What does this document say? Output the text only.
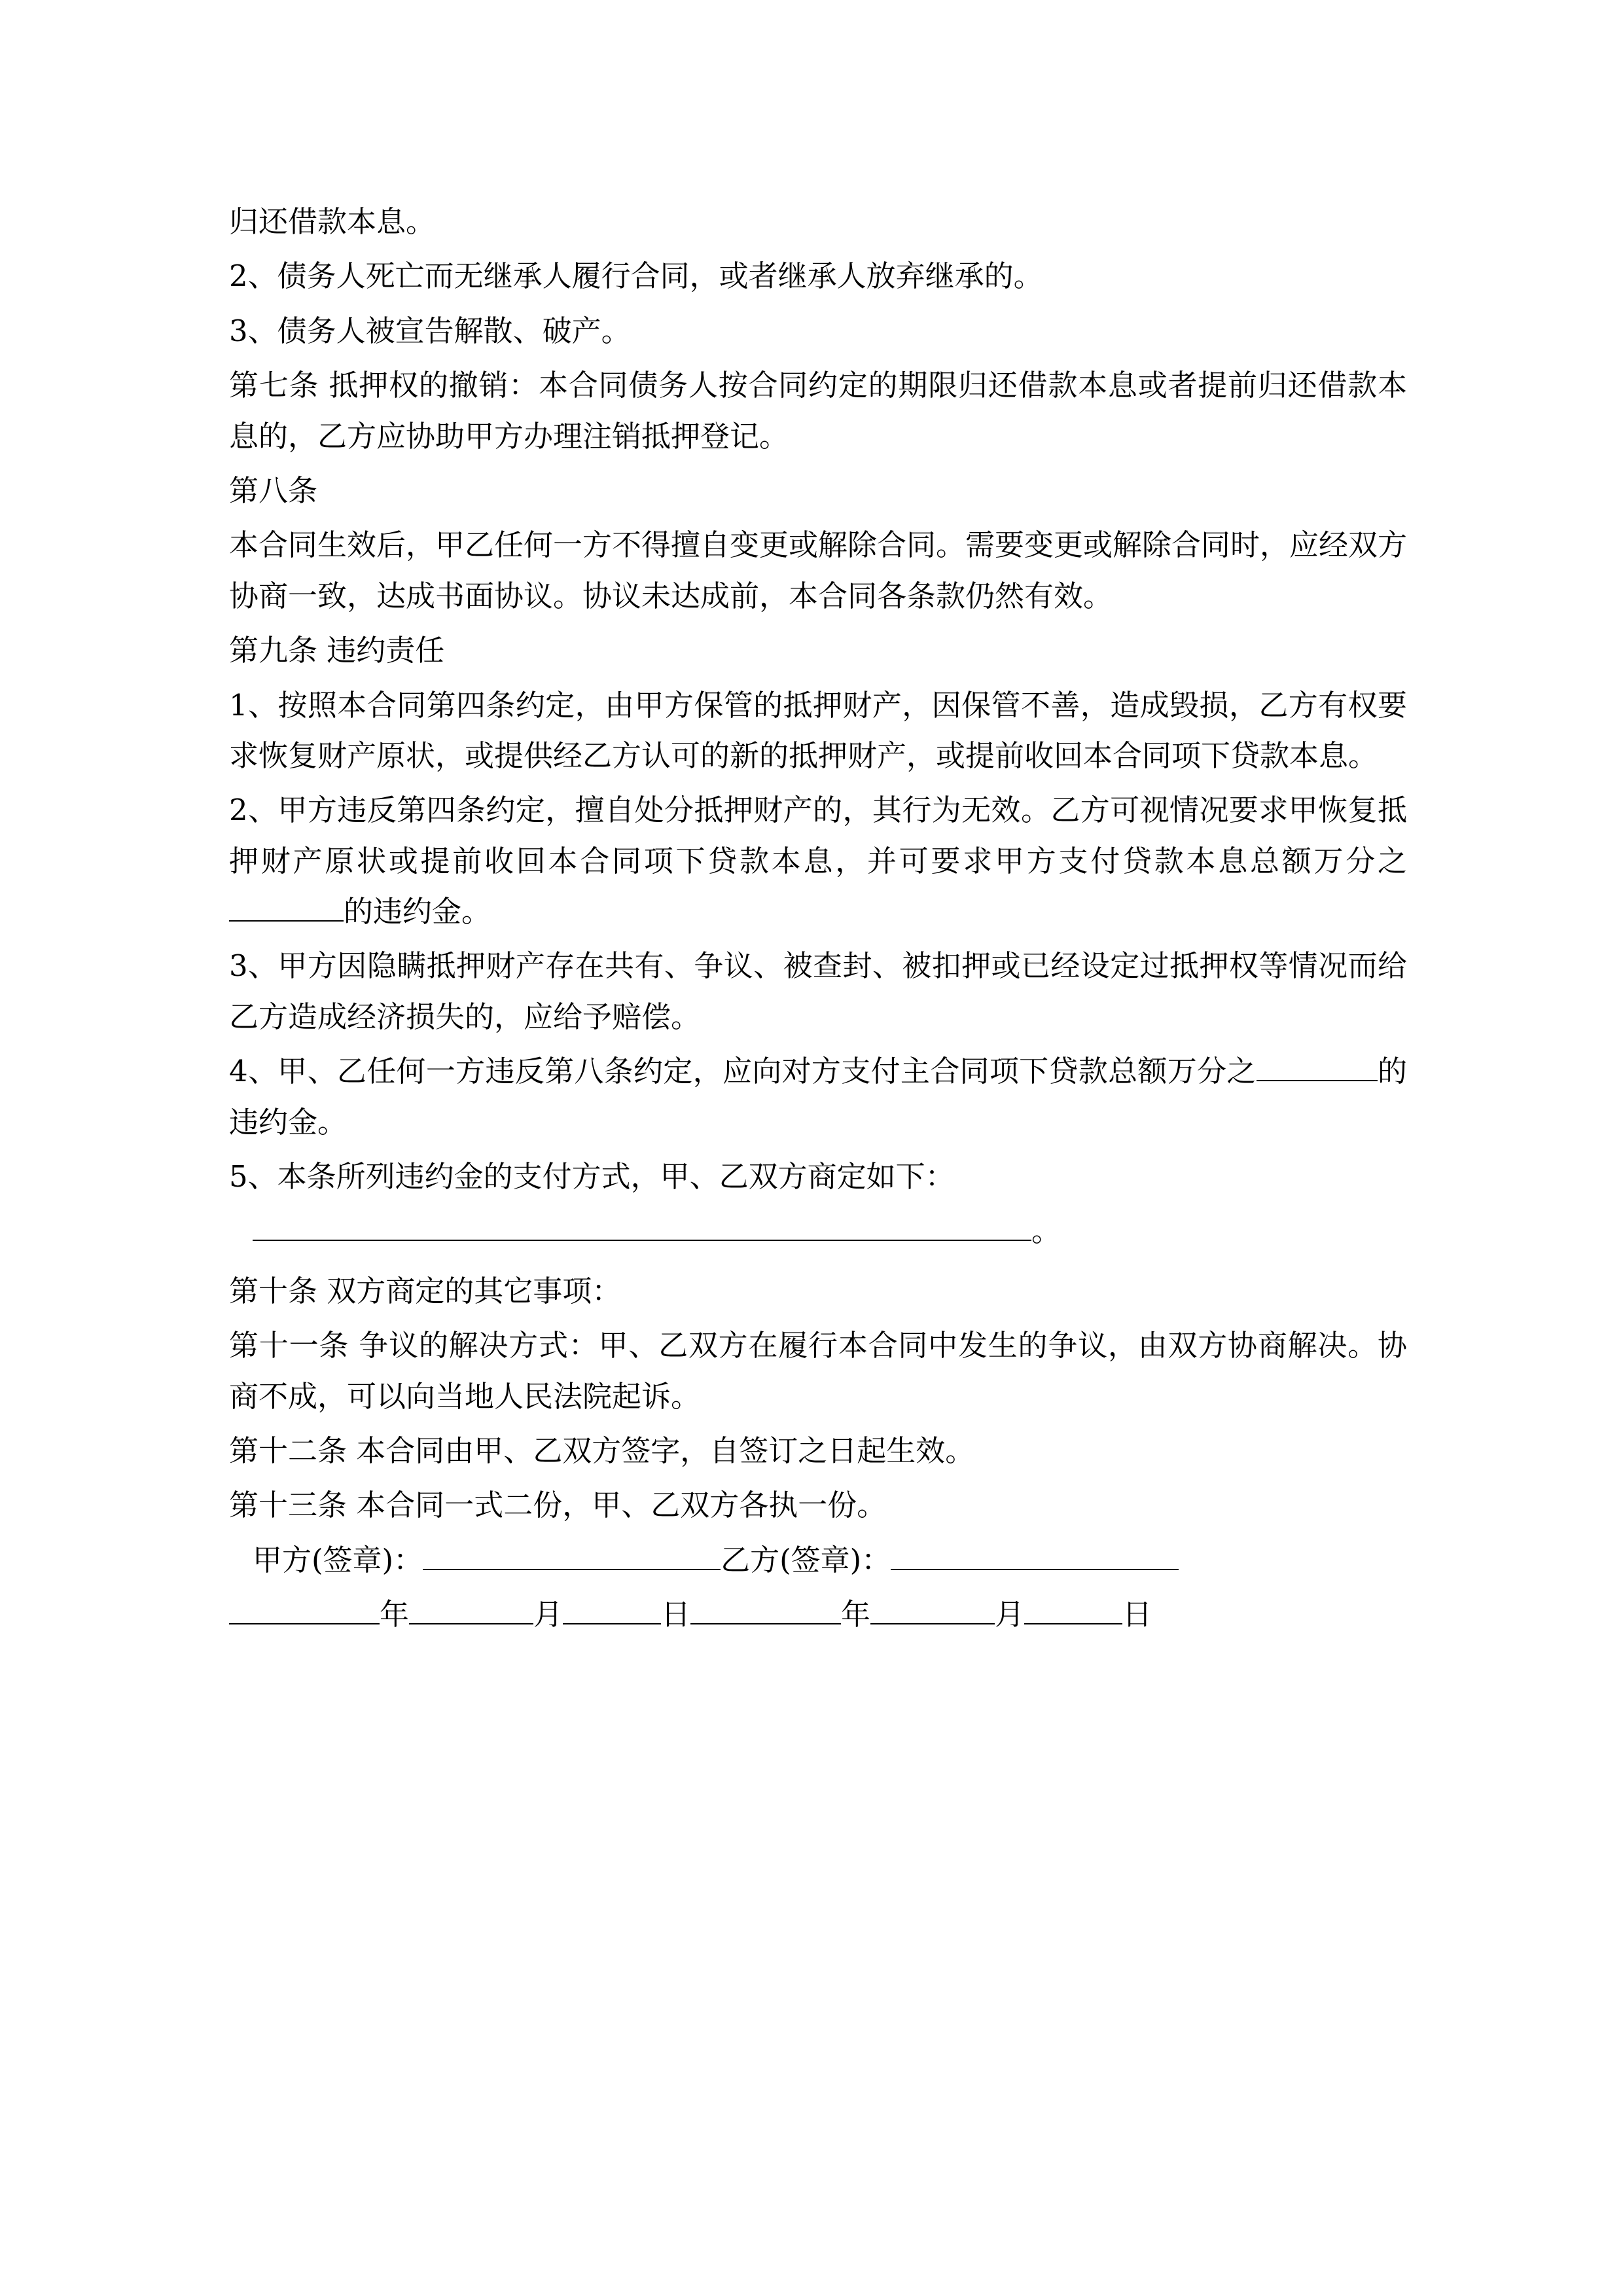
归还借款本息。

2、债务人死亡而无继承人履行合同，或者继承人放弃继承的。

3、债务人被宣告解散、破产。

第七条 抵押权的撤销：本合同债务人按合同约定的期限归还借款本息或者提前归还借款本息的，乙方应协助甲方办理注销抵押登记。

第八条

本合同生效后，甲乙任何一方不得擅自变更或解除合同。需要变更或解除合同时，应经双方协商一致，达成书面协议。协议未达成前，本合同各条款仍然有效。

第九条 违约责任

1、按照本合同第四条约定，由甲方保管的抵押财产，因保管不善，造成毁损，乙方有权要求恢复财产原状，或提供经乙方认可的新的抵押财产，或提前收回本合同项下贷款本息。

2、甲方违反第四条约定，擅自处分抵押财产的，其行为无效。乙方可视情况要求甲恢复抵押财产原状或提前收回本合同项下贷款本息，并可要求甲方支付贷款本息总额万分之的违约金。

3、甲方因隐瞒抵押财产存在共有、争议、被查封、被扣押或已经设定过抵押权等情况而给乙方造成经济损失的，应给予赔偿。

4、甲、乙任何一方违反第八条约定，应向对方支付主合同项下贷款总额万分之	的违约金。

5、本条所列违约金的支付方式，甲、乙双方商定如下：

。

第十条 双方商定的其它事项：

第十一条 争议的解决方式：甲、乙双方在履行本合同中发生的争议，由双方协商解决。协商不成，可以向当地人民法院起诉。

第十二条 本合同由甲、乙双方签字，自签订之日起生效。

第十三条 本合同一式二份，甲、乙双方各执一份。

甲方(签章)：	乙方(签章)：

年	月	日	年	月	日
